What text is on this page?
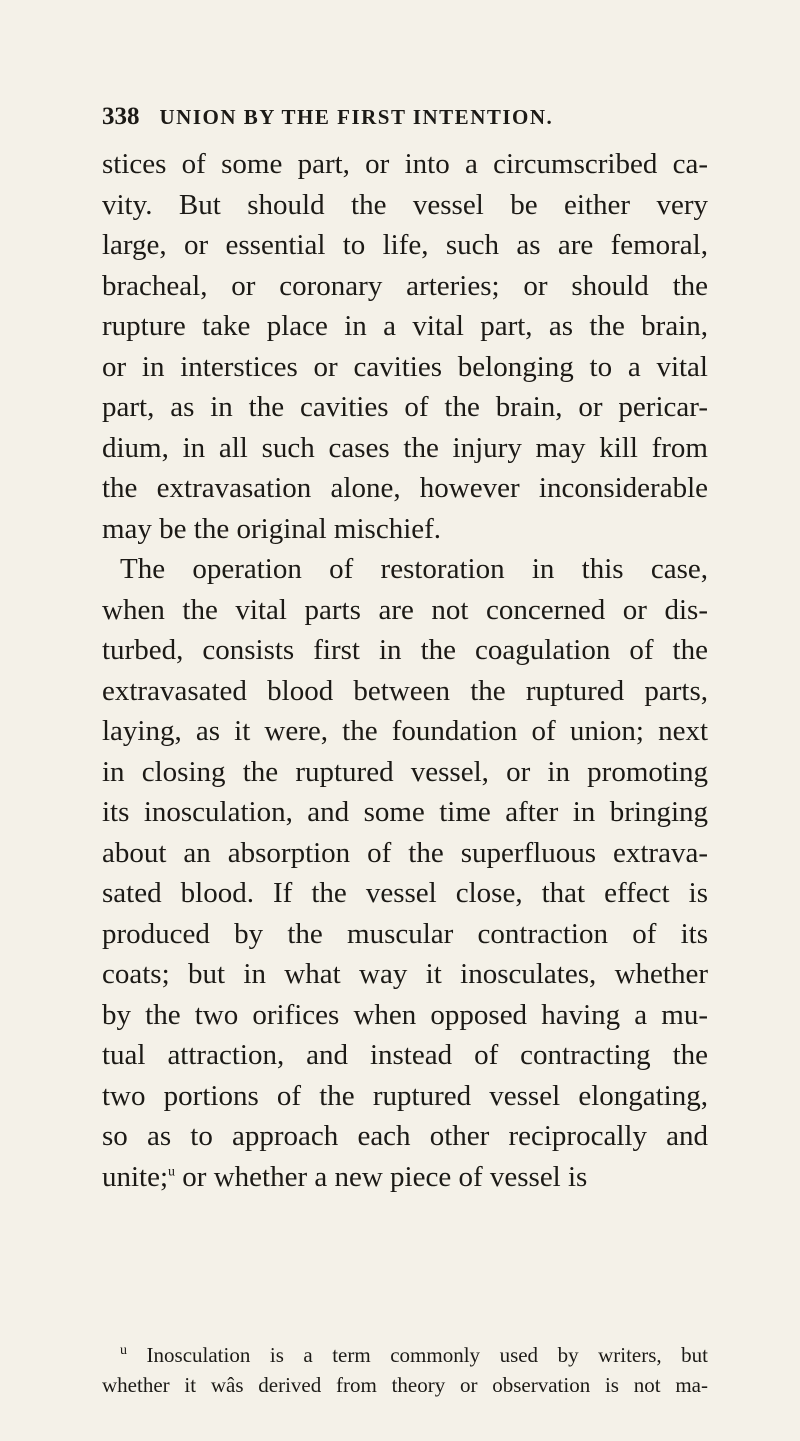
338 UNION BY THE FIRST INTENTION.
stices of some part, or into a circumscribed ca-
vity. But should the vessel be either very
large, or essential to life, such as are femoral,
bracheal, or coronary arteries; or should the
rupture take place in a vital part, as the brain,
or in interstices or cavities belonging to a vital
part, as in the cavities of the brain, or pericar-
dium, in all such cases the injury may kill from
the extravasation alone, however inconsiderable
may be the original mischief.
The operation of restoration in this case,
when the vital parts are not concerned or dis-
turbed, consists first in the coagulation of the
extravasated blood between the ruptured parts,
laying, as it were, the foundation of union; next
in closing the ruptured vessel, or in promoting
its inosculation, and some time after in bringing
about an absorption of the superfluous extrava-
sated blood. If the vessel close, that effect is
produced by the muscular contraction of its
coats; but in what way it inosculates, whether
by the two orifices when opposed having a mu-
tual attraction, and instead of contracting the
two portions of the ruptured vessel elongating,
so as to approach each other reciprocally and
unite;$^u$ or whether a new piece of vessel is
$^u$ Inosculation is a term commonly used by writers, but
whether it wâs derived from theory or observation is not ma-
